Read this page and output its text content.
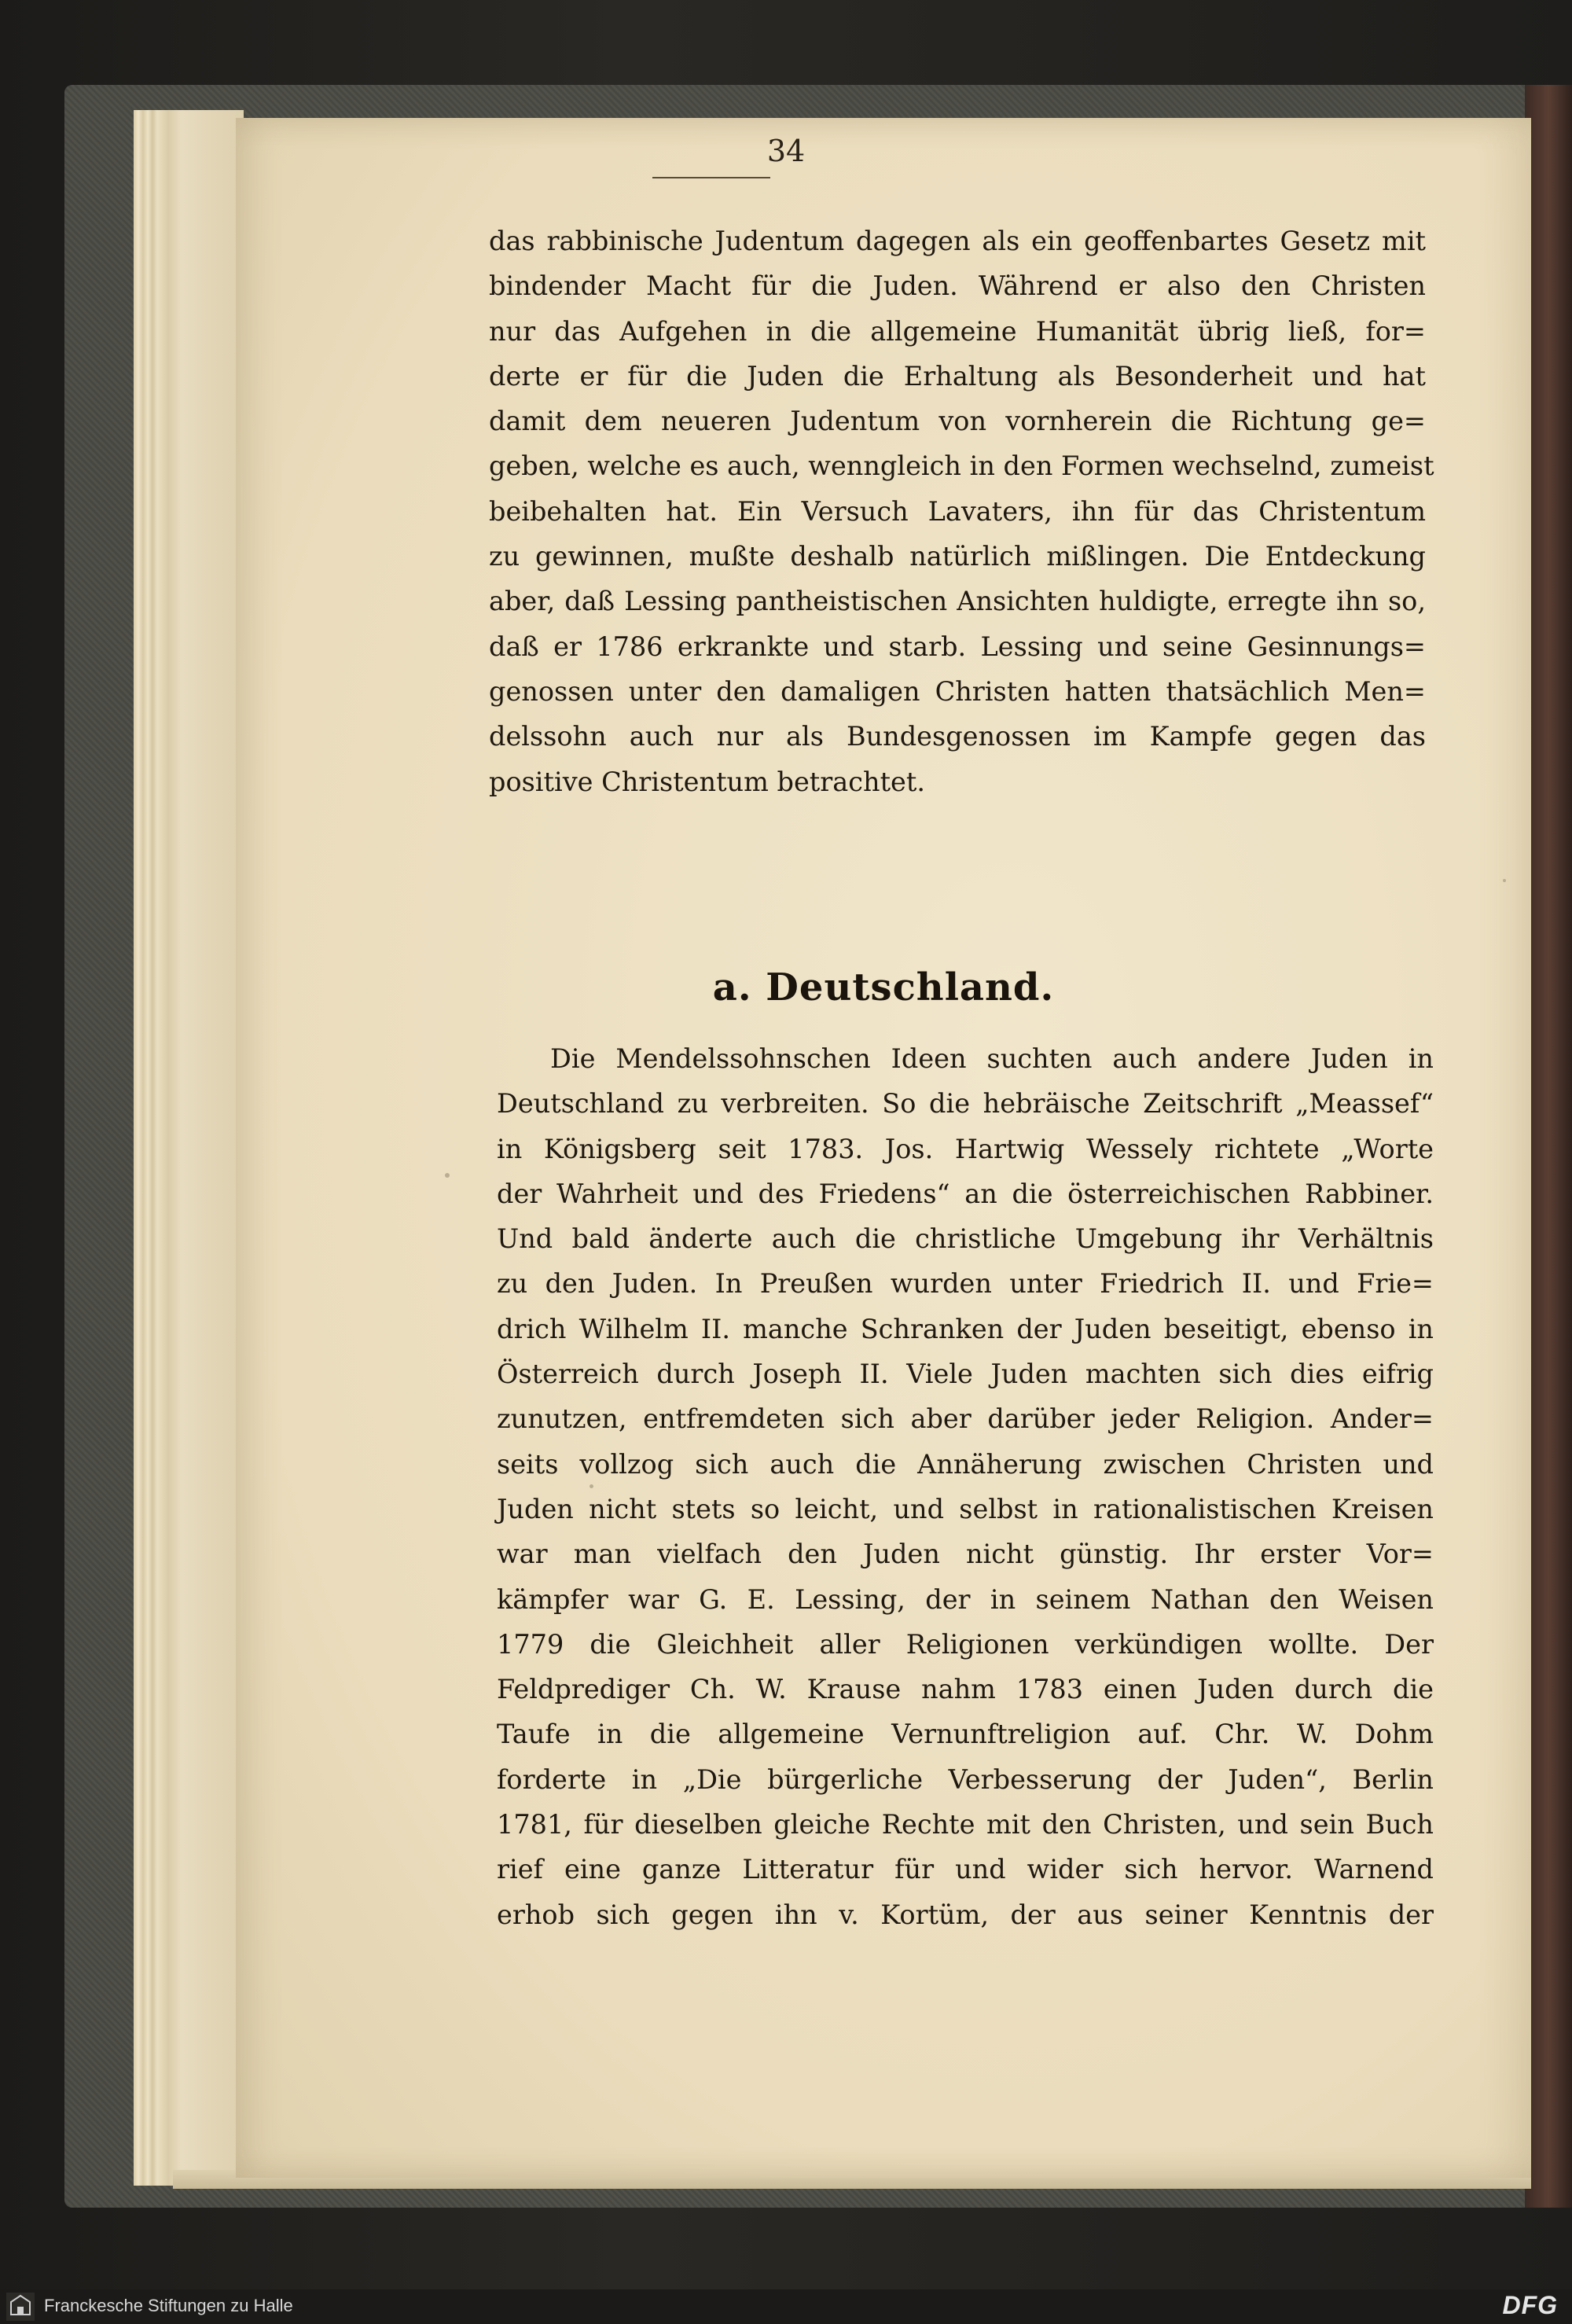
34
das rabbinische Judentum dagegen als ein geoffenbartes Gesetz mit
bindender Macht für die Juden. Während er also den Christen
nur das Aufgehen in die allgemeine Humanität übrig ließ, for=
derte er für die Juden die Erhaltung als Besonderheit und hat
damit dem neueren Judentum von vornherein die Richtung ge=
geben, welche es auch, wenngleich in den Formen wechselnd, zumeist
beibehalten hat. Ein Versuch Lavaters, ihn für das Christentum
zu gewinnen, mußte deshalb natürlich mißlingen. Die Entdeckung
aber, daß Lessing pantheistischen Ansichten huldigte, erregte ihn so,
daß er 1786 erkrankte und starb. Lessing und seine Gesinnungs=
genossen unter den damaligen Christen hatten thatsächlich Men=
delssohn auch nur als Bundesgenossen im Kampfe gegen das
positive Christentum betrachtet.
a. Deutschland.
Die Mendelssohnschen Ideen suchten auch andere Juden in
Deutschland zu verbreiten. So die hebräische Zeitschrift „Meassef“
in Königsberg seit 1783. Jos. Hartwig Wessely richtete „Worte
der Wahrheit und des Friedens“ an die österreichischen Rabbiner.
Und bald änderte auch die christliche Umgebung ihr Verhältnis
zu den Juden. In Preußen wurden unter Friedrich II. und Frie=
drich Wilhelm II. manche Schranken der Juden beseitigt, ebenso in
Österreich durch Joseph II. Viele Juden machten sich dies eifrig
zunutzen, entfremdeten sich aber darüber jeder Religion. Ander=
seits vollzog sich auch die Annäherung zwischen Christen und
Juden nicht stets so leicht, und selbst in rationalistischen Kreisen
war man vielfach den Juden nicht günstig. Ihr erster Vor=
kämpfer war G. E. Lessing, der in seinem Nathan den Weisen
1779 die Gleichheit aller Religionen verkündigen wollte. Der
Feldprediger Ch. W. Krause nahm 1783 einen Juden durch die
Taufe in die allgemeine Vernunftreligion auf. Chr. W. Dohm
forderte in „Die bürgerliche Verbesserung der Juden“, Berlin
1781, für dieselben gleiche Rechte mit den Christen, und sein Buch
rief eine ganze Litteratur für und wider sich hervor. Warnend
erhob sich gegen ihn v. Kortüm, der aus seiner Kenntnis der
Franckesche Stiftungen zu Halle	DFG
